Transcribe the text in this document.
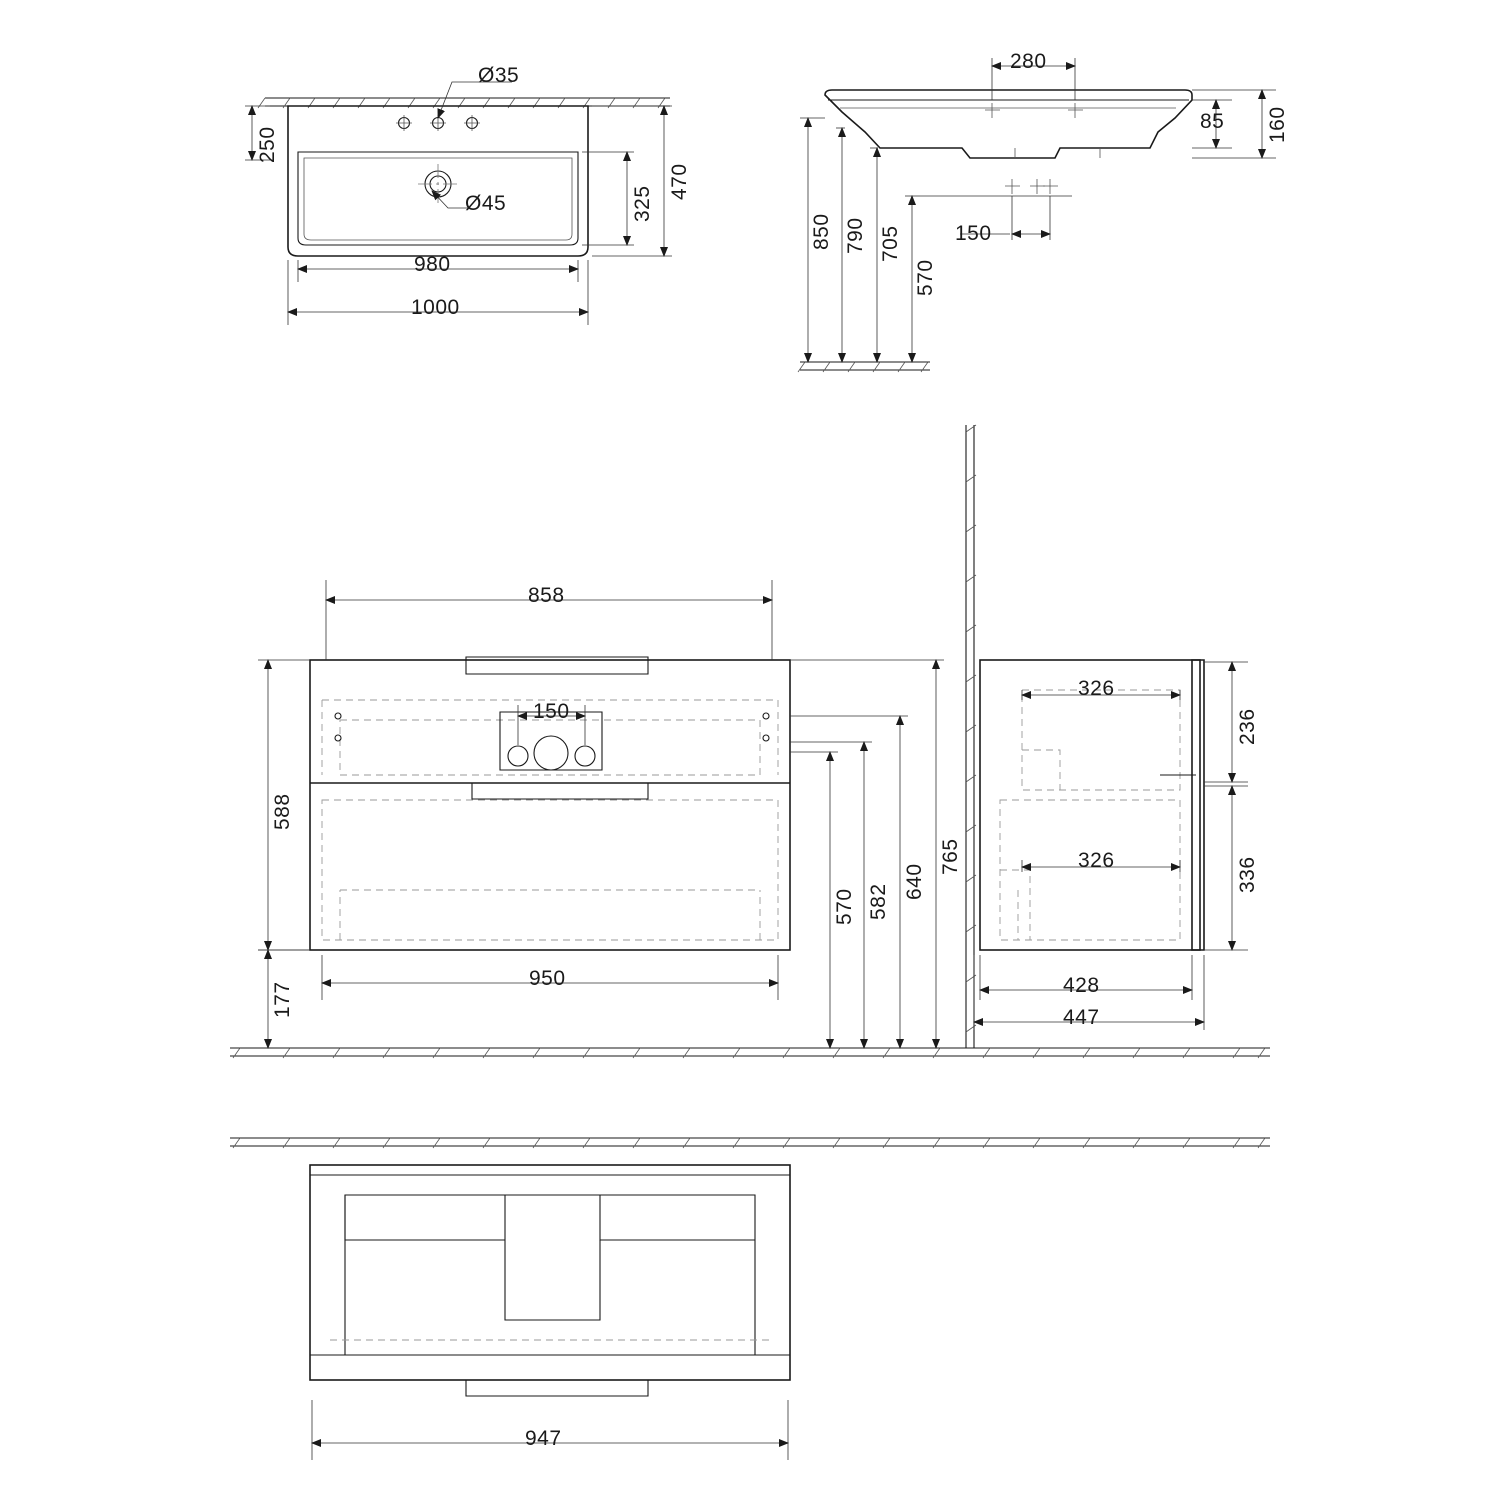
250
470
325
980
1000
Ø35
Ø45
280
85 160
850 790 705
570
150
858
150
588
177
950
570 582
640
765
326
326
236
336
428
447
947
